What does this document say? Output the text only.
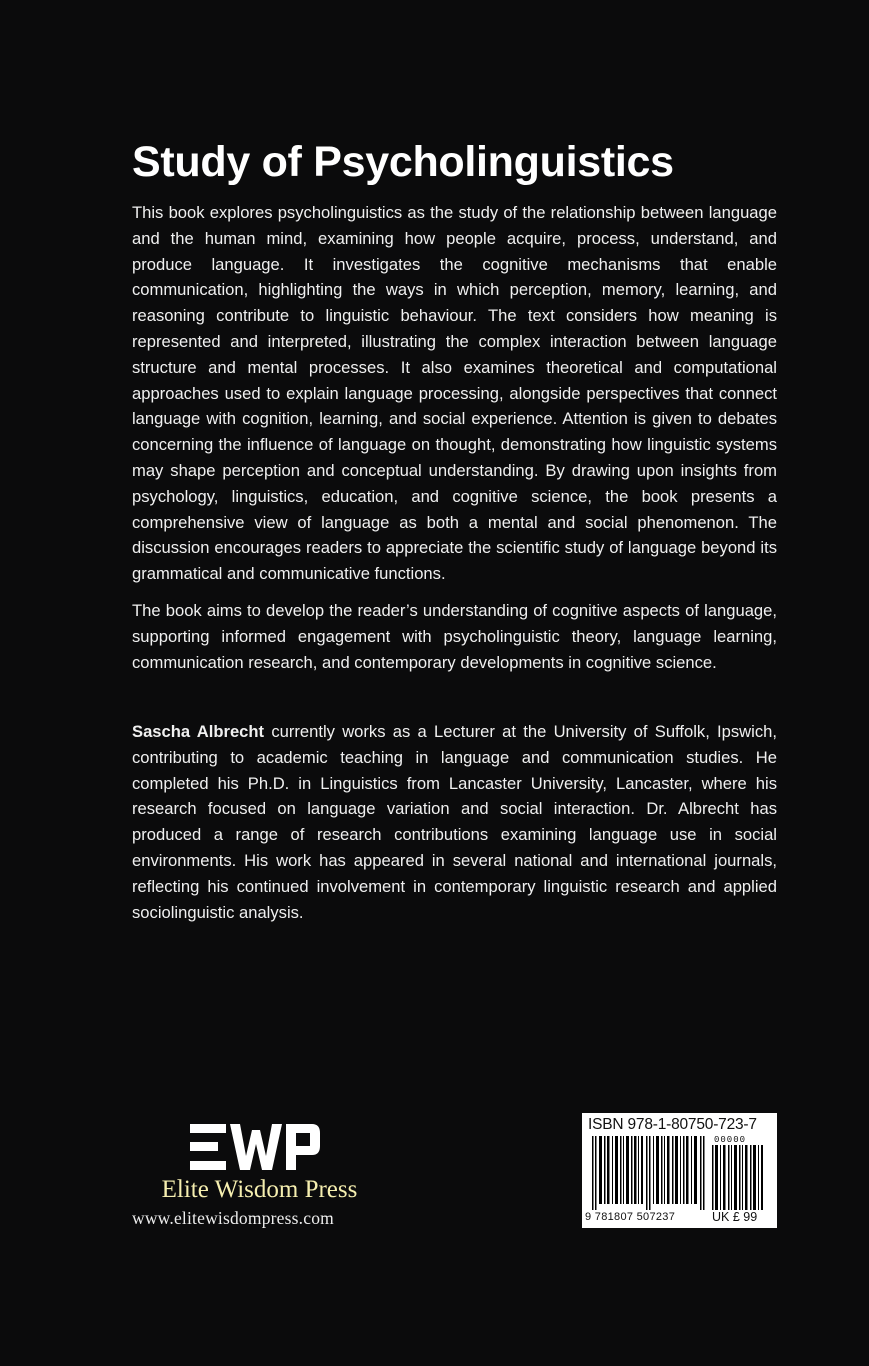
Study of Psycholinguistics

This book explores psycholinguistics as the study of the relationship between language and the human mind, examining how people acquire, process, understand, and produce language. It investigates the cognitive mechanisms that enable communication, highlighting the ways in which perception, memory, learning, and reasoning contribute to linguistic behaviour. The text considers how meaning is represented and interpreted, illustrating the complex interaction between language structure and mental processes. It also examines theoretical and computational approaches used to explain language processing, alongside perspectives that connect language with cognition, learning, and social experience. Attention is given to debates concerning the influence of language on thought, demonstrating how linguistic systems may shape perception and conceptual understanding. By drawing upon insights from psychology, linguistics, education, and cognitive science, the book presents a comprehensive view of language as both a mental and social phenomenon. The discussion encourages readers to appreciate the scientific study of language beyond its grammatical and communicative functions.

The book aims to develop the reader’s understanding of cognitive aspects of language, supporting informed engagement with psycholinguistic theory, language learning, communication research, and contemporary developments in cognitive science.

Sascha Albrecht currently works as a Lecturer at the University of Suffolk, Ipswich, contributing to academic teaching in language and communication studies. He completed his Ph.D. in Linguistics from Lancaster University, Lancaster, where his research focused on language variation and social interaction. Dr. Albrecht has produced a range of research contributions examining language use in social environments. His work has appeared in several national and international journals, reflecting his continued involvement in contemporary linguistic research and applied sociolinguistic analysis.

Elite Wisdom Press
www.elitewisdompress.com
ISBN 978-1-80750-723-7
00000
9 781807 507237	UK £ 99
